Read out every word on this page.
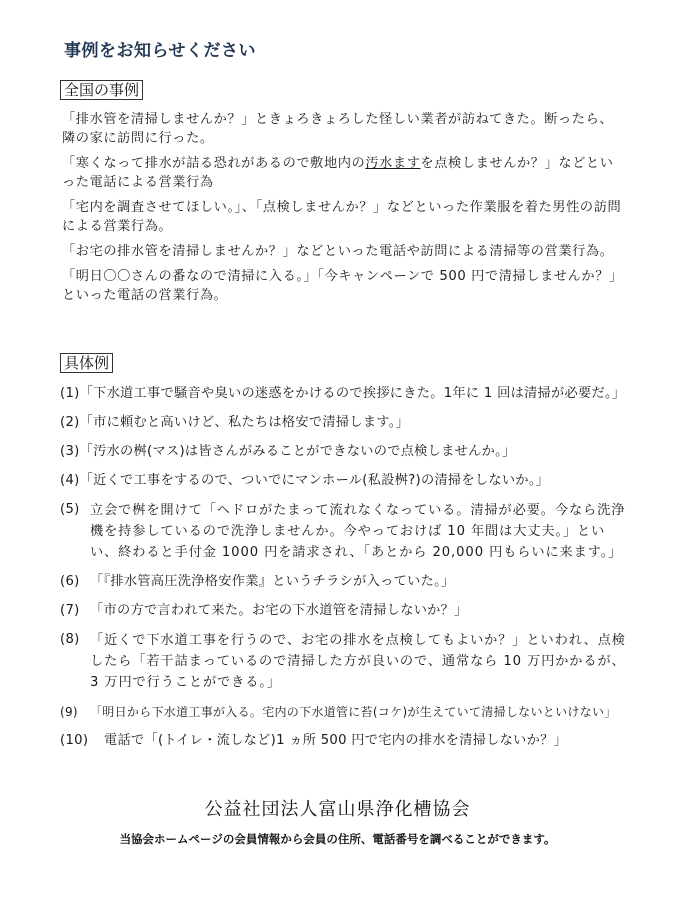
事例をお知らせください
全国の事例

「排水管を清掃しませんか？」ときょろきょろした怪しい業者が訪ねてきた。断ったら、隣の家に訪問に行った。

「寒くなって排水が詰る恐れがあるので敷地内の汚水ますを点検しませんか？」などといった電話による営業行為

「宅内を調査させてほしい。」、「点検しませんか？」などといった作業服を着た男性の訪問による営業行為。

「お宅の排水管を清掃しませんか？」などといった電話や訪問による清掃等の営業行為。

「明日〇〇さんの番なので清掃に入る。」「今キャンペーンで 500 円で清掃しませんか？」といった電話の営業行為。

具体例
(1)「下水道工事で騒音や臭いの迷惑をかけるので挨拶にきた。1年に 1 回は清掃が必要だ。」
(2)「市に頼むと高いけど、私たちは格安で清掃します。」
(3)「汚水の桝(マス)は皆さんがみることができないので点検しませんか。」
(4)「近くで工事をするので、ついでにマンホール(私設桝?)の清掃をしないか。」
(5) 立会で桝を開けて「ヘドロがたまって流れなくなっている。清掃が必要。今なら洗浄機を持参しているので洗浄しませんか。今やっておけば 10 年間は大丈夫。」といい、終わると手付金 1000 円を請求され、「あとから 20,000 円もらいに来ます。」
(6) 「『排水管高圧洗浄格安作業』というチラシが入っていた。」
(7) 「市の方で言われて来た。お宅の下水道管を清掃しないか？」
(8) 「近くで下水道工事を行うので、お宅の排水を点検してもよいか？」といわれ、点検したら「若干詰まっているので清掃した方が良いので、通常なら 10 万円かかるが、3 万円で行うことができる。」
(9) 「明日から下水道工事が入る。宅内の下水道管に苔(コケ)が生えていて清掃しないといけない」
(10) 電話で「(トイレ・流しなど)1 ヵ所 500 円で宅内の排水を清掃しないか？」
公益社団法人富山県浄化槽協会
当協会ホームページの会員情報から会員の住所、電話番号を調べることができます。
